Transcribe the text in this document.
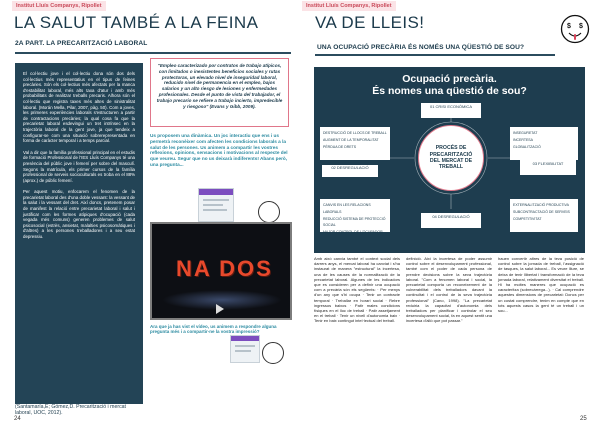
Institut Lluís Companys, Ripollet
LA SALUT TAMBÉ A LA FEINA
2A PART. LA PRECARITZACIÓ LABORAL

El col·lectiu jove i el col·lectiu dona són dos dels col·lectius més representatius en el tipus de feines precàries. Són els col·lectius més afectats per la manca d'estabilitat laboral, més alts taxa d'atur i amb més probabilitats de realitzar treballs precaris. Alhora són el col·lectiu que registra taxes més altes de sinistralitat laboral. (Morán Mella, Pilar, 2007, pàg. 50). Com a joves, les primeres experiències laborals s'estructuren a partir de contractacions precàries; la qual cosa fa que la precarietat laboral esdevingui un tret intrínsec en la trajectòria laboral de la gent jove, ja que tendeix a configurar-se com una situació sobrerepresentada en forma de caràcter temporal i a temps parcial.

Val a dir que la família professional principal en el estudis de formació Professional de l'IES Lluís Companys té una presència del públic jove i femení per sobre del masculí. Segons la matrícula, els primer cursos de la família professional de serveis socioculturals es troba en el 88% (aprox.) de públic femení.

Per aquest motiu, enfocarem el fenomen de la precarietat laboral des d'una doble vessant: la vessant de la salut i la vessant del dret. Així doncs, pretenem posar de manifest la relació entre precarietat laboral i salut i justificar com les formes atípiques d'ocupació (cada vegada més comuns) generen problemes de salut psicosocial (estrès, ansietat, malalties psicosomàtiques i d'altres) a les persones treballadores i a seu estat depressiu.

(Santamaría,E; Gómez,D. Precarització i mercat laboral, UOC, 2012).
"Empleo caracterizado por contratos de trabajo atípicos, con limitados o inexistentes beneficios sociales y rutas protectoras, un elevado nivel de inseguridad laboral, reducido nivel de permanencia en el empleo, bajos salarios y un alto riesgo de lesiones y enfermedades profesionales. Desde el punto de vista del trabajador, el trabajo precario se refiere a trabajo incierto, impredecible y riesgoso" (Evans y Gibb, 2009).
Us proposem una dinàmica. Un joc interactiu que ens i us permetrà reconèixer com afecten les condicions laborals a la salut de les persones. Us animem a compartir les vostres reflexions, opinions, sensacions i motivacions al respecte del que veureu. Segur que no us deixarà indiferents! Abans però, una pregunta...
NA DOS
Ara que ja has vist el vídeo, us animem a respondre alguna pregunta més i a compartir-ne la vostra impressió?
24
Institut Lluís Companys, Ripollet
VA DE LLEIS!
UNA OCUPACIÓ PRECÀRIA ÉS NOMÉS UNA QÜESTIÓ DE SOU?
$ $
Ocupació precària.
És nomes una qüestió de sou?
DESTRUCCIÓ DE LLOCS DE TREBALL
AUGMENT DE LA TEMPORALITAT
PÈRDUA DE DRETS
INSEGURETAT
INCERTESA
GLOBALITZACIÓ
CANVIS EN LES RELACIONS LABORALS
REDUCCIÓ SISTEMA DE PROTECCIÓ SOCIAL
MAJOR CONTROL DE L'OCUPADOR
EXTERNALITZACIÓ PRODUCTIVA
SUBCONTRACTACIÓ DE SERVEIS
COMPETITIVITAT
01 CRISI ECONÒMICA
02 DESREGULACIÓ
03 FLEXIBILITAT
04 DESREGULACIÓ
PROCÉS DE PRECARITZACIÓ DEL MERCAT DE TREBALL
Amb això canvia també el context social dels darrers anys, el mercat laboral ha canviat i s'ha instaurat de manera "estructural" la incertesa, una de les causes de la normalització de la precarietat laboral. Algunes de les indicadors que es consideren per a definir una ocupació com a precària són els següents: · Per menys d'un any que s'hi ocupa · Tenir un contracte temporal · Treballar en horari social · Rebre ingressos baixos · Patir males condicions físiques en el lloc de treball · Patir assetjament en el treball · Tenir un nivell d'autonomia baix · Tenir en baix contingut intel·lectual del treball.
definició. Així la incertesa de poder assumir control sobre el desenvolupament professional, també com el poder de cada persona de prendre decisions sobre la seva trajectòria laboral. "Com a fenomen laboral i social, la precarietat comporta un reconeixement de la vulnerabilitat dels treballadors davant la continuïtat i el control de la seva trajectòria professional" (Cano, 1998). "La precarietat reduiria la capacitat d'autonomia dels treballadors per planificar i controlar el seu desenvolupament social, fa en aquest sentit una incertesa d'allò que pot passar."
hauen convertir altres de la teva posició de control sobre la jornada de treball, l'assignació de tasques, la salut laboral... Es veure lliure, se deixa de tenir llibertat i transformació de la teva jornada laboral, relativament diversitat el treball. Hi ha moltes maneres que ocupació es caracteritza (sobrecàrrega...). · Cal comprendre aquestes dimensions de precarietat: Doncs per un costat comprendre, tenim en compte que en tots aquests casos la gent té un treball i un sou...
25
